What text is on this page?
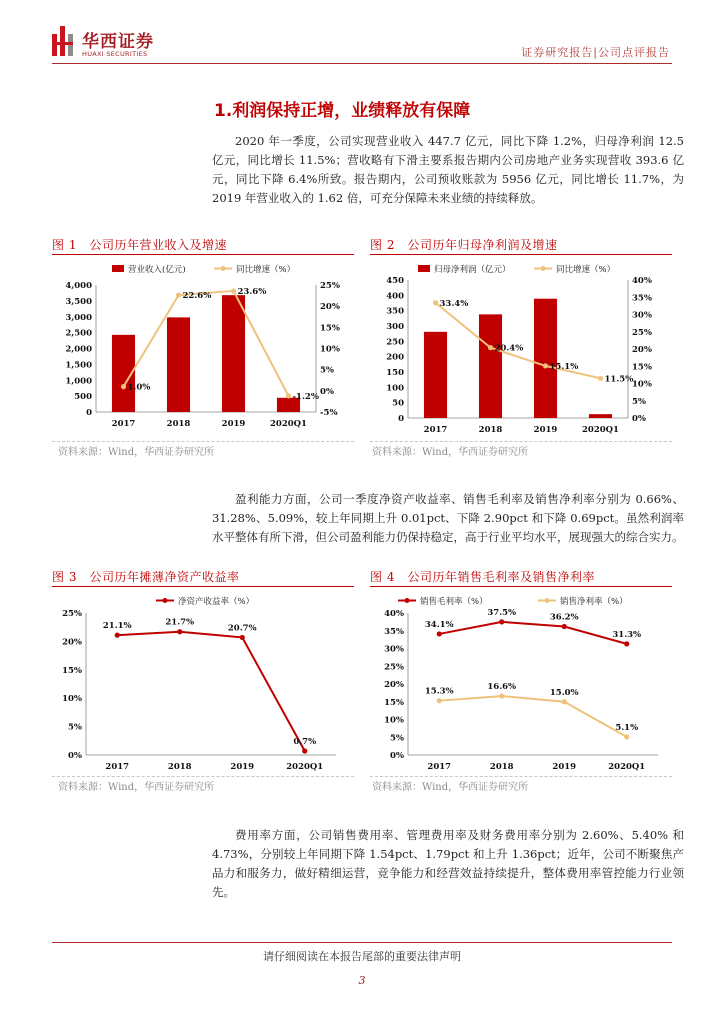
华西证券
HUAXI SECURITIES	证券研究报告|公司点评报告
1.利润保持正增，业绩释放有保障
2020 年一季度，公司实现营业收入 447.7 亿元，同比下降 1.2%，归母净利润 12.5 亿元，同比增长 11.5%；营收略有下滑主要系报告期内公司房地产业务实现营收 393.6 亿元，同比下降 6.4%所致。报告期内，公司预收账款为 5956 亿元，同比增长 11.7%，为 2019 年营业收入的 1.62 倍，可充分保障未来业绩的持续释放。
图 1　公司历年营业收入及增速
营业收入(亿元)	同比增速（%）
0
500
1,000
1,500
2,000
2,500
3,000
3,500
4,000
-5%
0%
5%
10%
15%
20%
25%
2017	2018	2019	2020Q1
1.0%
22.6%	23.6%
-1.2%
资料来源：Wind，华西证券研究所
图 2　公司历年归母净利润及增速
归母净利润（亿元）	同比增速（%）
0
50
100
150
200
250
300
350
400
450
0%
5%
10%
15%
20%
25%
30%
35%
40%
2017	2018	2019	2020Q1
33.4%
20.4%
15.1%
11.5%
资料来源：Wind，华西证券研究所
盈利能力方面，公司一季度净资产收益率、销售毛利率及销售净利率分别为 0.66%、31.28%、5.09%，较上年同期上升 0.01pct、下降 2.90pct 和下降 0.69pct。虽然利润率水平整体有所下滑，但公司盈利能力仍保持稳定，高于行业平均水平，展现强大的综合实力。
图 3　公司历年摊薄净资产收益率
净资产收益率（%）
0%
5%
10%
15%
20%
25%
2017	2018	2019	2020Q1
21.1%	21.7%
20.7%
0.7%
资料来源：Wind，华西证券研究所
图 4　公司历年销售毛利率及销售净利率
销售毛利率（%）	销售净利率（%）
0%
5%
10%
15%
20%
25%
30%
35%
40%
2017	2018	2019	2020Q1
34.1%
37.5%	36.2%
31.3%
15.3%	16.6%
15.0%
5.1%
资料来源：Wind，华西证券研究所
费用率方面，公司销售费用率、管理费用率及财务费用率分别为 2.60%、5.40% 和 4.73%，分别较上年同期下降 1.54pct、1.79pct 和上升 1.36pct；近年，公司不断聚焦产品力和服务力，做好精细运营，竞争能力和经营效益持续提升，整体费用率管控能力行业领先。
请仔细阅读在本报告尾部的重要法律声明
3
